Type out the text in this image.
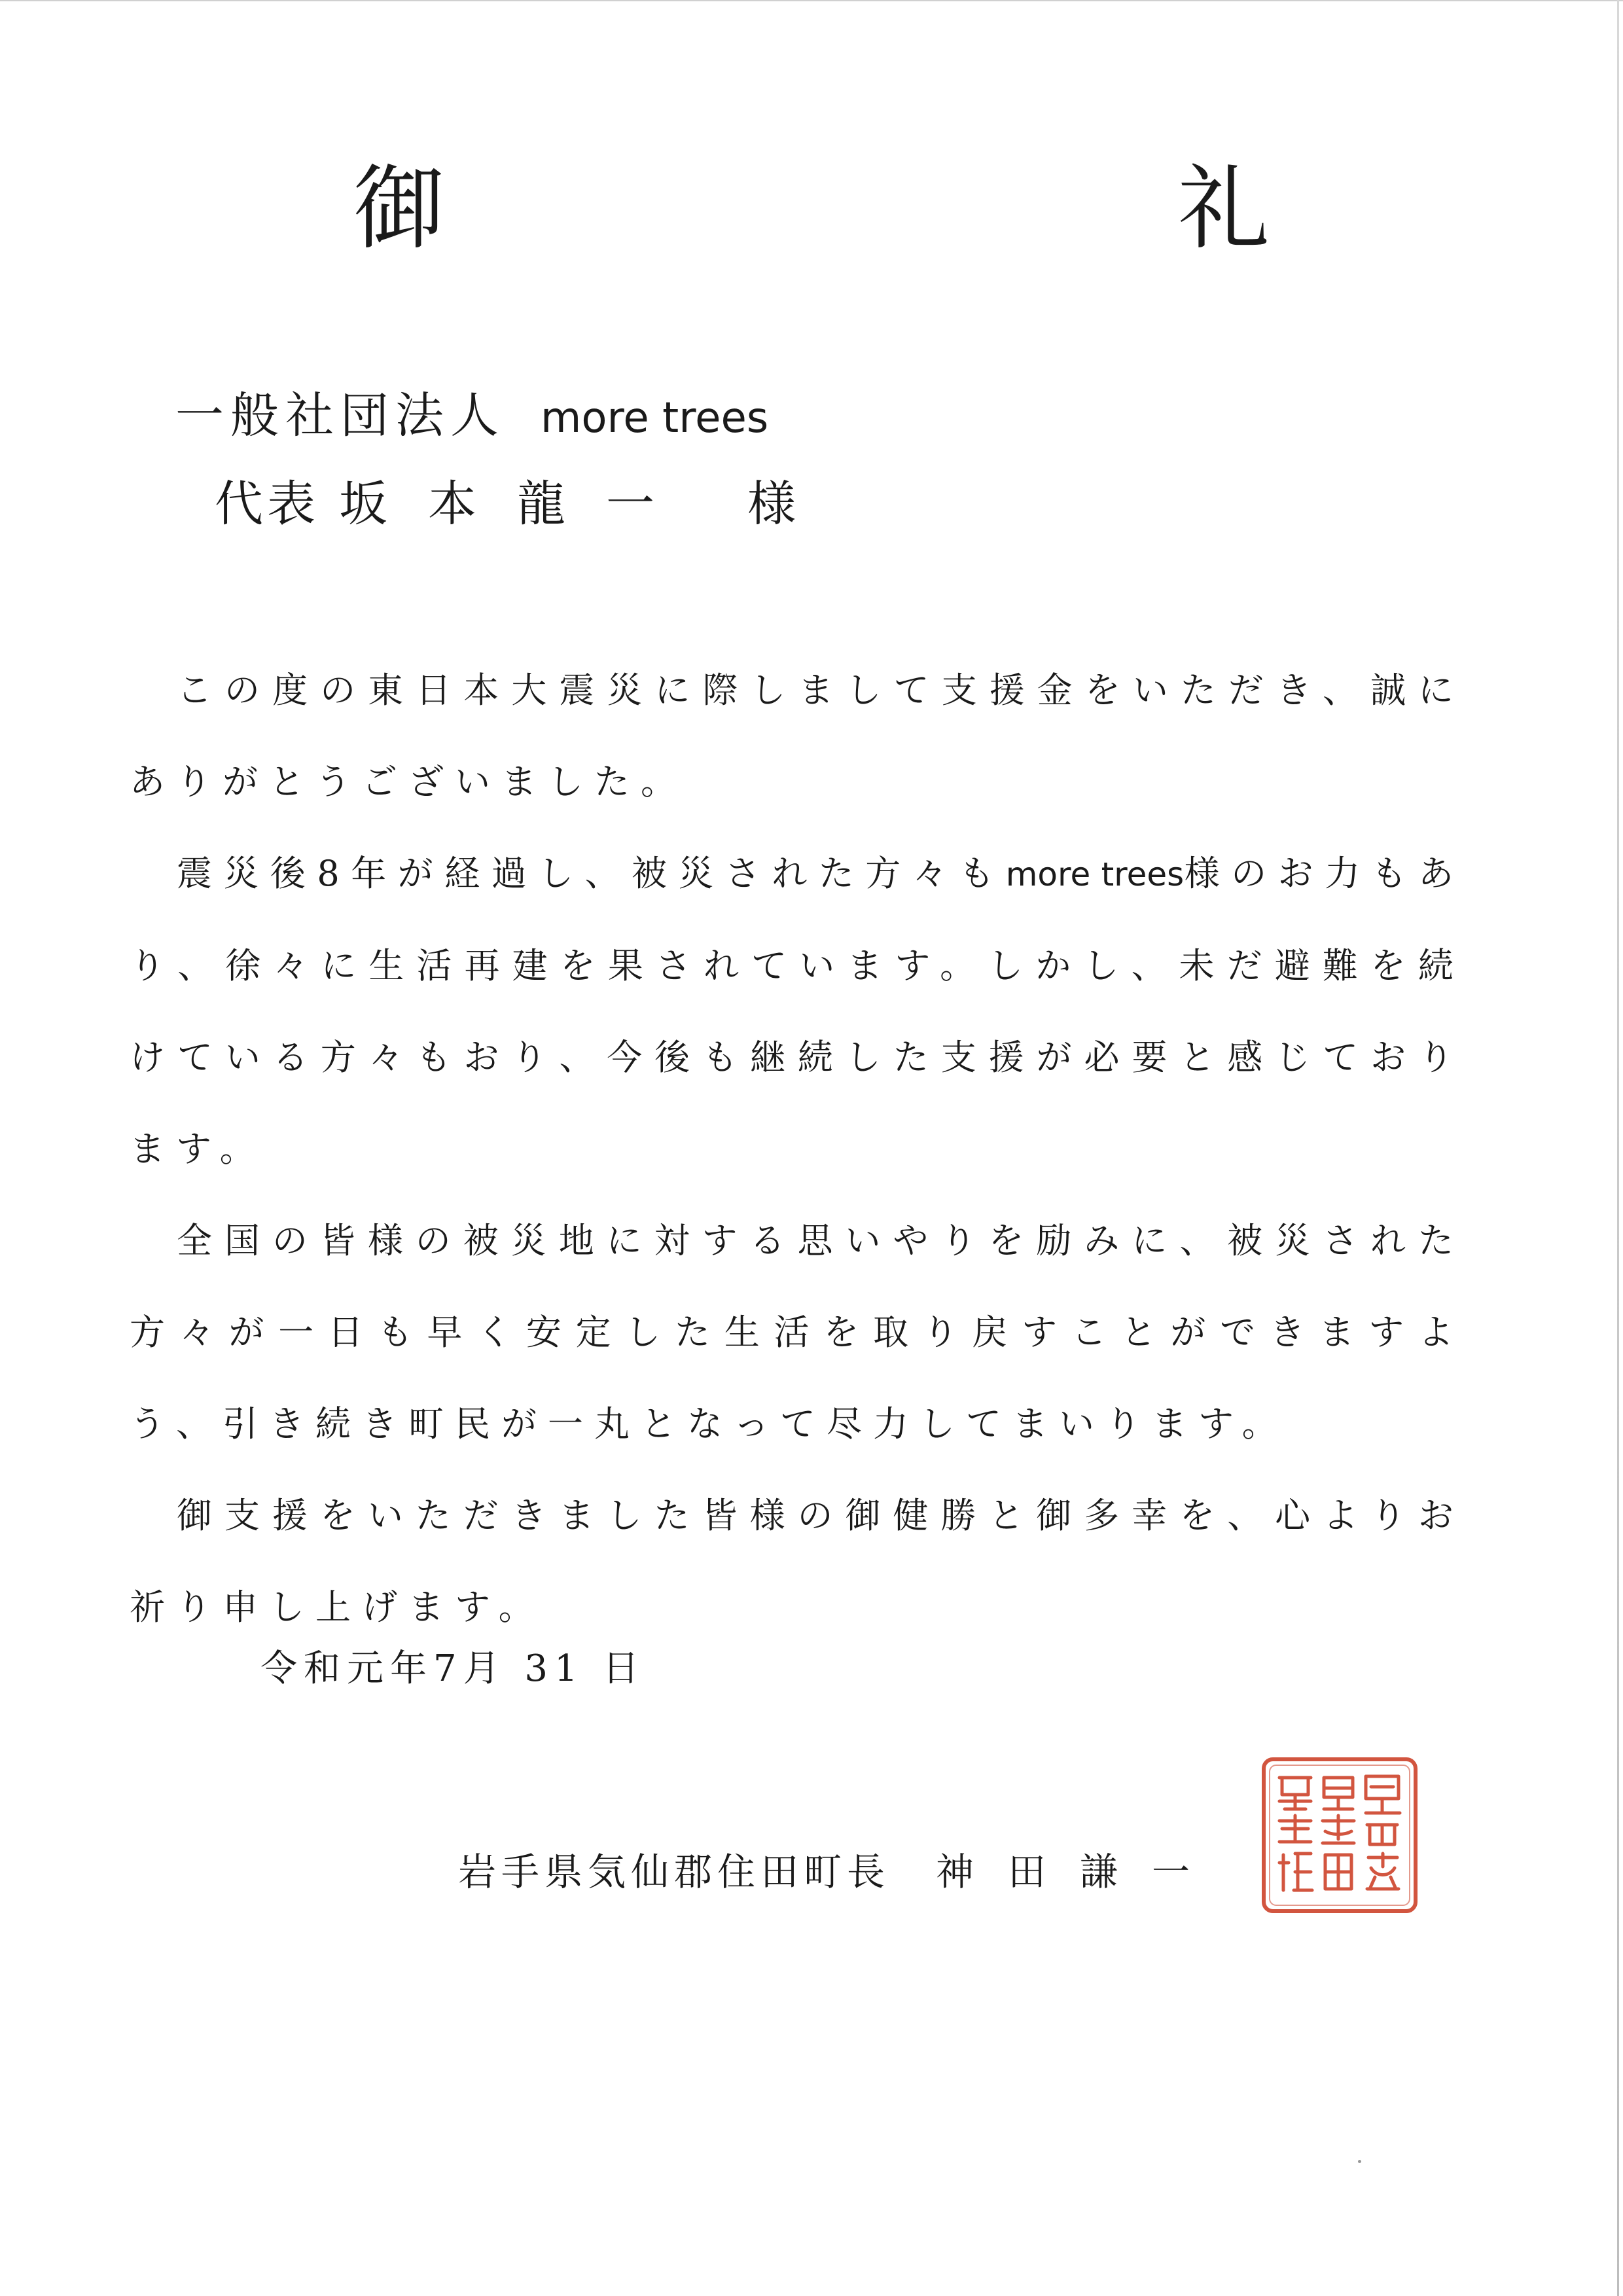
御　　礼
一般社団法人 more trees
代表 坂本龍一 様

この度の東日本大震災に際しまして支援金をいただき、誠にありがとうございました。

震災後8年が経過し、被災された方々もmore trees様のお力もあり、徐々に生活再建を果されています。しかし、未だ避難を続けている方々もおり、今後も継続した支援が必要と感じております。

全国の皆様の被災地に対する思いやりを励みに、被災された方々が一日も早く安定した生活を取り戻すことができますよう、引き続き町民が一丸となって尽力してまいります。

御支援をいただきました皆様の御健勝と御多幸を、心よりお祈り申し上げます。

令和元年7月 31 日
岩手県気仙郡住田町長 神田謙一
